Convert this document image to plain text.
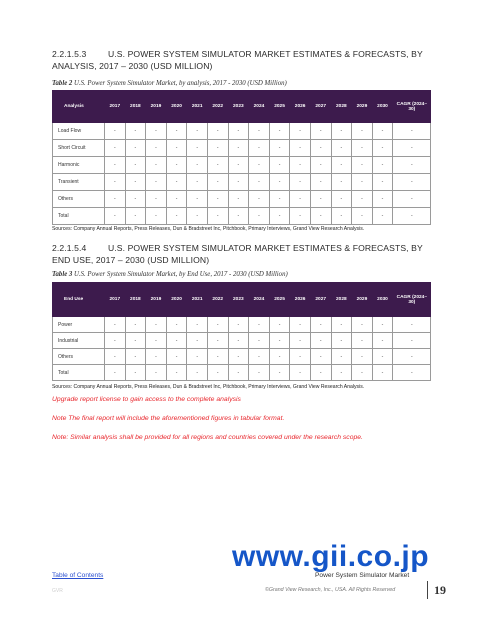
2.2.1.5.3	U.S. POWER SYSTEM SIMULATOR MARKET ESTIMATES & FORECASTS, BY ANALYSIS, 2017 – 2030 (USD MILLION)
Table 2 U.S. Power System Simulator Market, by analysis, 2017 - 2030 (USD Million)
Analysis	2017	2018	2019	2020	2021	2022	2023	2024	2025	2026	2027	2028	2029	2030	CAGR (2024–30)
Load Flow	-	-	-	-	-	-	-	-	-	-	-	-	-	-	-
Short Circuit	-	-	-	-	-	-	-	-	-	-	-	-	-	-	-
Harmonic	-	-	-	-	-	-	-	-	-	-	-	-	-	-	-
Transient	-	-	-	-	-	-	-	-	-	-	-	-	-	-	-
Others	-	-	-	-	-	-	-	-	-	-	-	-	-	-	-
Total	-	-	-	-	-	-	-	-	-	-	-	-	-	-	-
Sources: Company Annual Reports, Press Releases, Dun & Bradstreet Inc, Pitchbook, Primary Interviews, Grand View Research Analysis.
2.2.1.5.4	U.S. POWER SYSTEM SIMULATOR MARKET ESTIMATES & FORECASTS, BY END USE, 2017 – 2030 (USD MILLION)
Table 3 U.S. Power System Simulator Market, by End Use, 2017 - 2030 (USD Million)
End Use	2017	2018	2019	2020	2021	2022	2023	2024	2025	2026	2027	2028	2029	2030	CAGR (2024–30)
Power	-	-	-	-	-	-	-	-	-	-	-	-	-	-	-
Industrial	-	-	-	-	-	-	-	-	-	-	-	-	-	-	-
Others	-	-	-	-	-	-	-	-	-	-	-	-	-	-	-
Total	-	-	-	-	-	-	-	-	-	-	-	-	-	-	-
Sources: Company Annual Reports, Press Releases, Dun & Bradstreet Inc, Pitchbook, Primary Interviews, Grand View Research Analysis.
Upgrade report license to gain access to the complete analysis
Note The final report will include the aforementioned figures in tabular format.
Note: Similar analysis shall be provided for all regions and countries covered under the research scope.
www.gii.co.jp
Table of Contents	Power System Simulator Market
GVR	©Grand View Research, Inc., USA. All Rights Reserved	19
